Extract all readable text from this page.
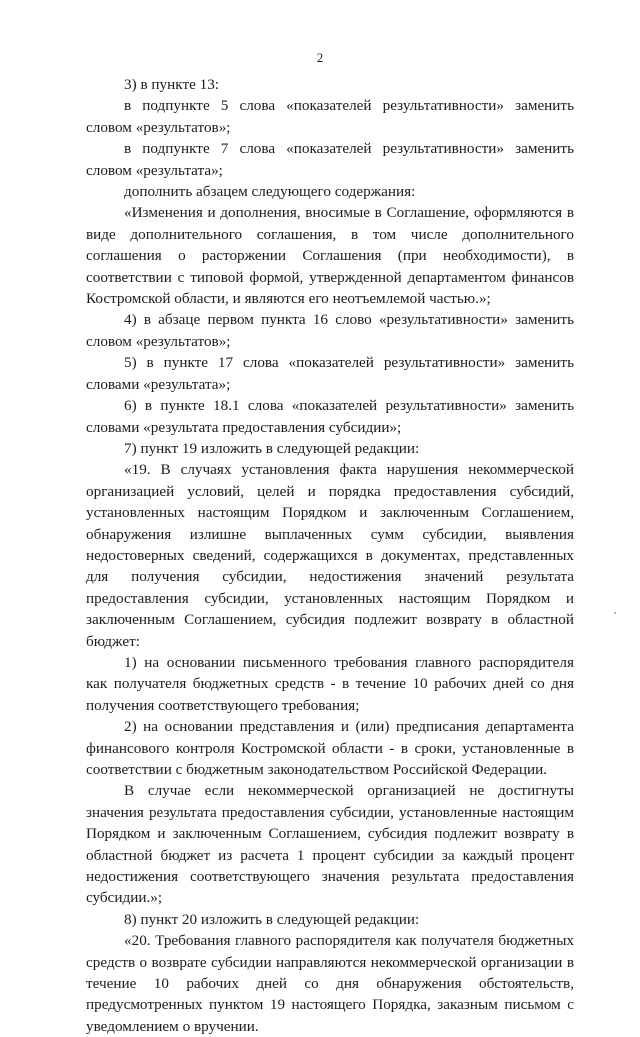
2

3) в пункте 13:

в подпункте 5 слова «показателей результативности» заменить словом «результатов»;

в подпункте 7 слова «показателей результативности» заменить словом «результата»;

дополнить абзацем следующего содержания:

«Изменения и дополнения, вносимые в Соглашение, оформляются в виде дополнительного соглашения, в том числе дополнительного соглашения о расторжении Соглашения (при необходимости), в соответствии с типовой формой, утвержденной департаментом финансов Костромской области, и являются его неотъемлемой частью.»;

4) в абзаце первом пункта 16 слово «результативности» заменить словом «результатов»;

5) в пункте 17 слова «показателей результативности» заменить словами «результата»;

6) в пункте 18.1 слова «показателей результативности» заменить словами «результата предоставления субсидии»;

7) пункт 19 изложить в следующей редакции:

«19. В случаях установления факта нарушения некоммерческой организацией условий, целей и порядка предоставления субсидий, установленных настоящим Порядком и заключенным Соглашением, обнаружения излишне выплаченных сумм субсидии, выявления недостоверных сведений, содержащихся в документах, представленных для получения субсидии, недостижения значений результата предоставления субсидии, установленных настоящим Порядком и заключенным Соглашением, субсидия подлежит возврату в областной бюджет:

1) на основании письменного требования главного распорядителя как получателя бюджетных средств - в течение 10 рабочих дней со дня получения соответствующего требования;

2) на основании представления и (или) предписания департамента финансового контроля Костромской области - в сроки, установленные в соответствии с бюджетным законодательством Российской Федерации.

В случае если некоммерческой организацией не достигнуты значения результата предоставления субсидии, установленные настоящим Порядком и заключенным Соглашением, субсидия подлежит возврату в областной бюджет из расчета 1 процент субсидии за каждый процент недостижения соответствующего значения результата предоставления субсидии.»;

8) пункт 20 изложить в следующей редакции:

«20. Требования главного распорядителя как получателя бюджетных средств о возврате субсидии направляются некоммерческой организации в течение 10 рабочих дней со дня обнаружения обстоятельств, предусмотренных пунктом 19 настоящего Порядка, заказным письмом с уведомлением о вручении.
